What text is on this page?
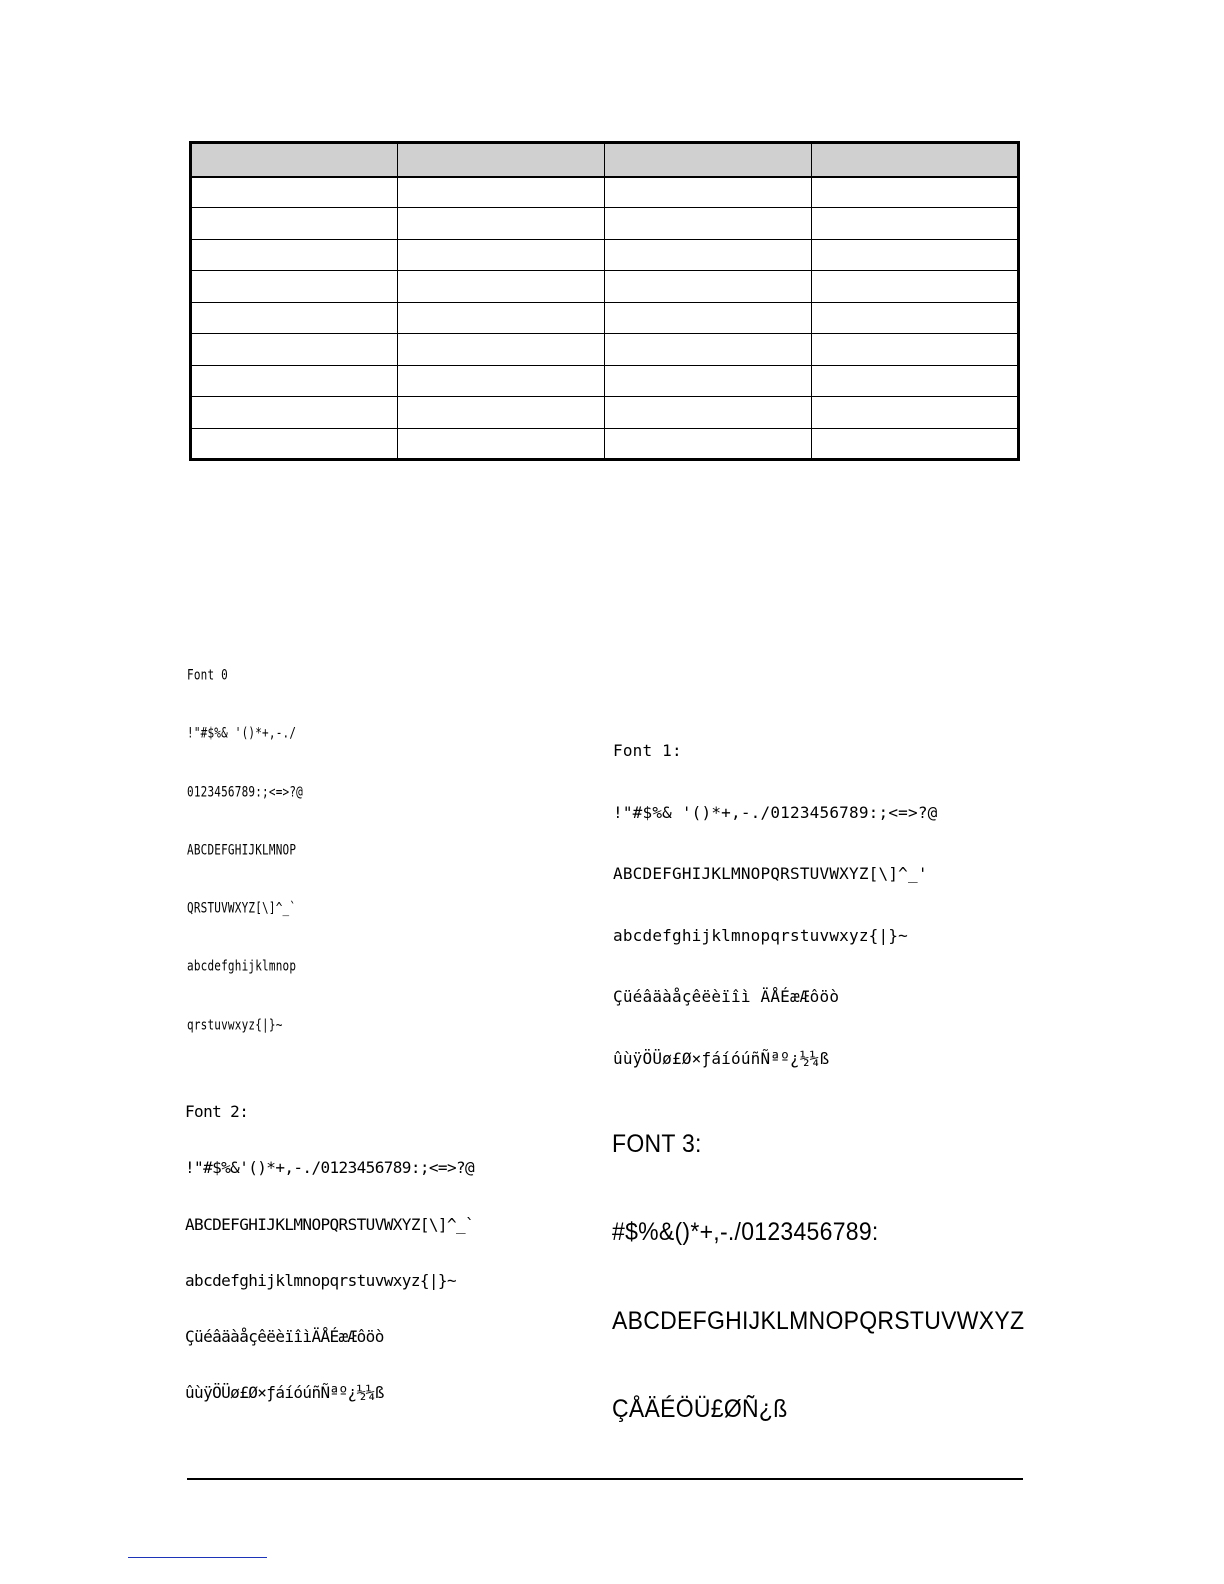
Font 0

!"#$%& '()*+,-./

0123456789:;<=>?@

ABCDEFGHIJKLMNOP

QRSTUVWXYZ[\]^_`

abcdefghijklmnop

qrstuvwxyz{|}~

Font 1:

!"#$%& '()*+,-./0123456789:;<=>?@

ABCDEFGHIJKLMNOPQRSTUVWXYZ[\]^_'

abcdefghijklmnopqrstuvwxyz{|}~

Çüéâäàåçêëèïîì ÄÅÉæÆôöò

ûùÿÖÜø£Ø×ƒáíóúñÑªº¿½¼ß

Font 2:

!"#$%&'()*+,-./0123456789:;<=>?@

ABCDEFGHIJKLMNOPQRSTUVWXYZ[\]^_`

abcdefghijklmnopqrstuvwxyz{|}~

ÇüéâäàåçêëèïîìÄÅÉæÆôöò

ûùÿÖÜø£Ø×ƒáíóúñÑªº¿½¼ß

FONT 3:

#$%&()*+,-./0123456789:

ABCDEFGHIJKLMNOPQRSTUVWXYZ

ÇÅÄÉÖÜ£ØÑ¿ß
